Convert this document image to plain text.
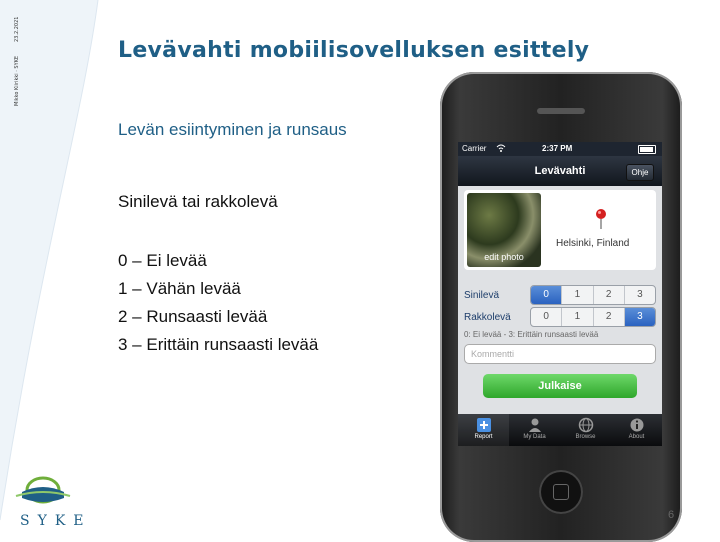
Mikko Kiirikki · SYKE
23.2.2021
SYKE
Levävahti mobiilisovelluksen esittely
Levän esiintyminen ja runsaus
Sinilevä tai rakkolevä
0 – Ei levää
1 – Vähän levää
2 – Runsaasti levää
3 – Erittäin runsaasti levää
Carrier	2:37 PM
Levävahti	Ohje
edit photo
Helsinki, Finland
Sinilevä	0	1	2	3
Rakkolevä	0	1	2	3
0: Ei levää - 3: Erittäin runsaasti levää
Kommentti
Julkaise
Report	My Data	Browse	About
6
